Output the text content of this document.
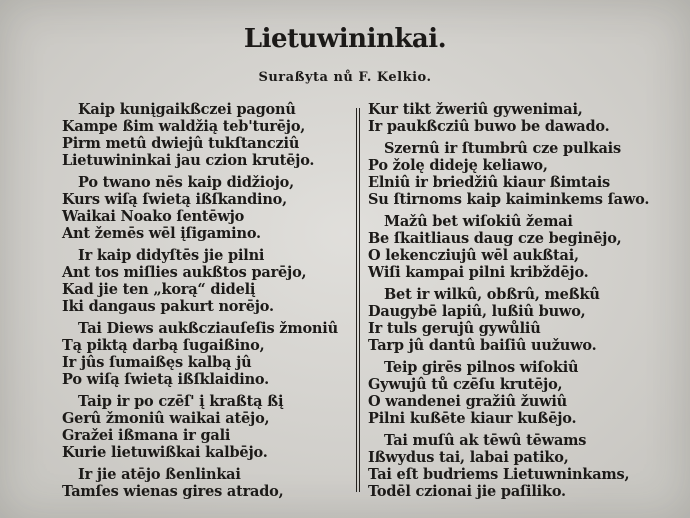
Lietuwininkai.
Suraßyta nů F. Kelkio.

Kaip kunįgaikßczei pagonû

Kampe ßim waldžią teb'turējo,

Pirm metû dwiejû tukſtancziû

Lietuwininkai jau czion krutējo.

Po twano nēs kaip didžiojo,

Kurs wiſą ſwietą ißſkandino,

Waikai Noako ſentēwjo

Ant žemēs wēl įſigamino.

Ir kaip didyſtēs jie pilni

Ant tos miſlies aukßtos parējo,

Kad jie ten „korą“ didelį

Iki dangaus pakurt norējo.

Tai Diews aukßcziauſeſis žmoniû

Tą piktą darbą ſugaißino,

Ir jûs ſumaißęs kalbą jû

Po wiſą ſwietą ißſklaidino.

Taip ir po czēſ' į kraßtą ßį

Gerû žmoniû waikai atējo,

Gražei ißmana ir gali

Kurie lietuwißkai kalbējo.

Ir jie atējo ßenlinkai

Tamſes wienas gires atrado,

Kur tikt žweriû gywenimai,

Ir paukßcziû buwo be dawado.

Szernû ir ſtumbrû cze pulkais

Po žolę dideję keliawo,

Elniû ir briedžiû kiaur ßimtais

Su ſtirnoms kaip kaiminkems ſawo.

Mažû bet wiſokiû žemai

Be ſkaitliaus daug cze beginējo,

O lekencziujû wēl aukßtai,

Wiſi kampai pilni kribždējo.

Bet ir wilkû, obßrû, meßkû

Daugybē lapiû, lußiû buwo,

Ir tuls gerujû gywůliû

Tarp jû dantû baiſiû uužuwo.

Teip girēs pilnos wiſokiû

Gywujû tů czēſu krutējo,

O wandenei gražiû žuwiû

Pilni kußēte kiaur kußējo.

Tai muſû ak tēwû tēwams

Ißwydus tai, labai patiko,

Tai eſt budriems Lietuwninkams,

Todēl czionai jie paſiliko.
